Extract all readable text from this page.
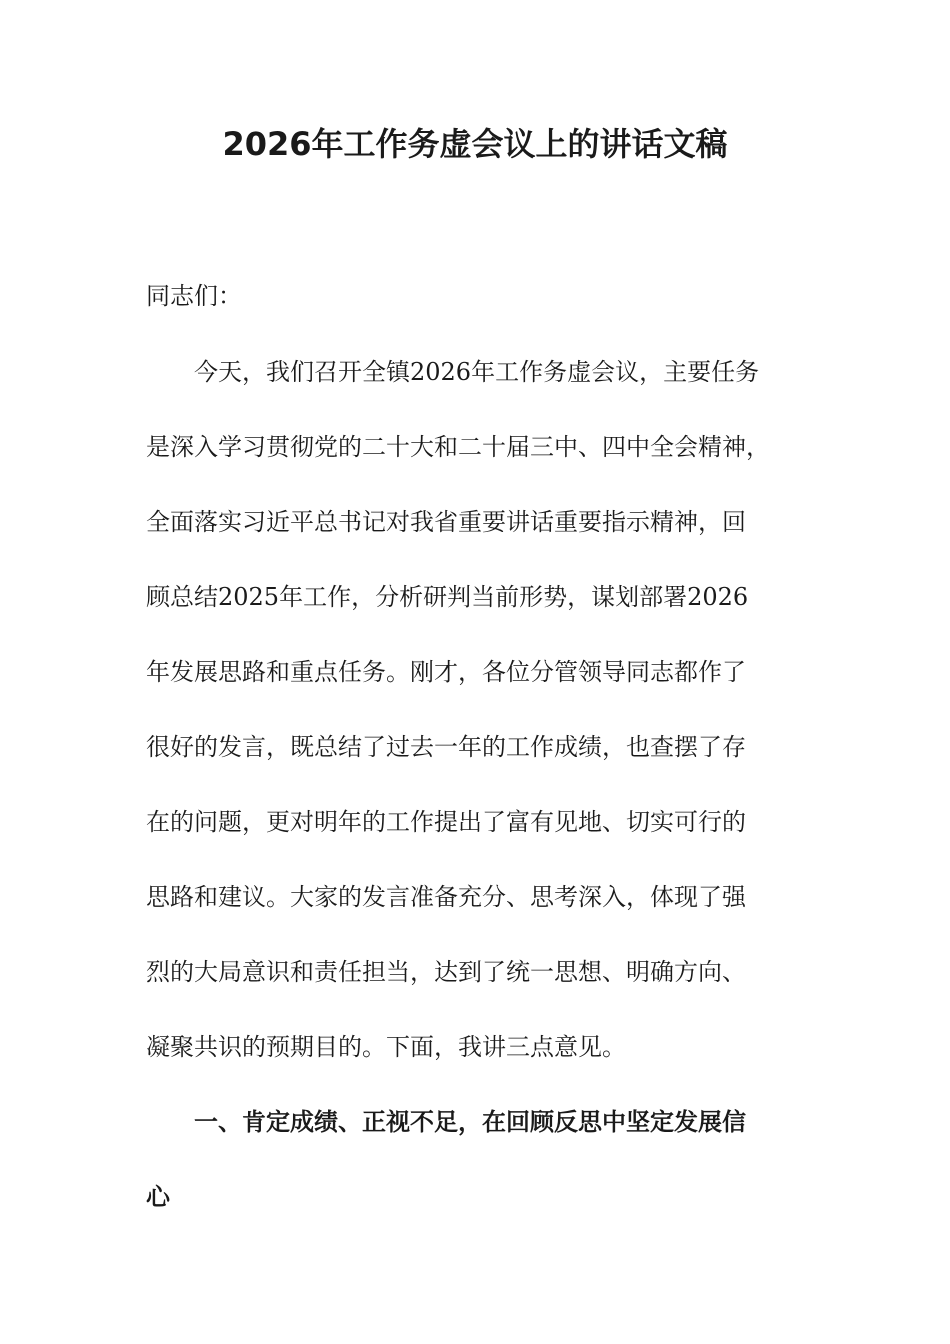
2026年工作务虚会议上的讲话文稿
同志们：
今天，我们召开全镇2026年工作务虚会议，主要任务
是深入学习贯彻党的二十大和二十届三中、四中全会精神，
全面落实习近平总书记对我省重要讲话重要指示精神，回
顾总结2025年工作，分析研判当前形势，谋划部署2026
年发展思路和重点任务。刚才，各位分管领导同志都作了
很好的发言，既总结了过去一年的工作成绩，也查摆了存
在的问题，更对明年的工作提出了富有见地、切实可行的
思路和建议。大家的发言准备充分、思考深入，体现了强
烈的大局意识和责任担当，达到了统一思想、明确方向、
凝聚共识的预期目的。下面，我讲三点意见。
一、肯定成绩、正视不足，在回顾反思中坚定发展信
心
